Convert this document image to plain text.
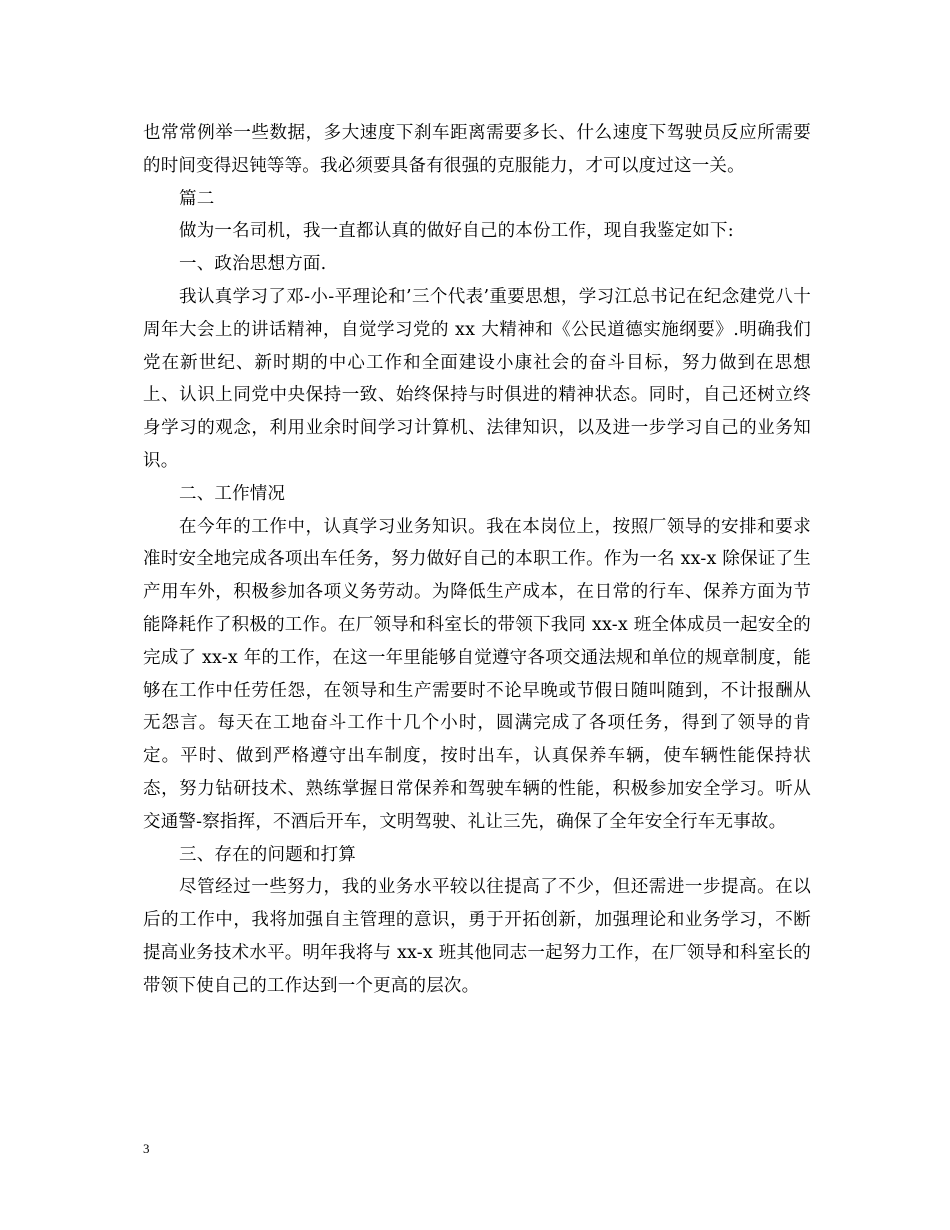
也常常例举一些数据，多大速度下刹车距离需要多长、什么速度下驾驶员反应所需要的时间变得迟钝等等。我必须要具备有很强的克服能力，才可以度过这一关。

篇二

做为一名司机，我一直都认真的做好自己的本份工作，现自我鉴定如下:

一、政治思想方面.

我认真学习了邓-小-平理论和’三个代表’重要思想，学习江总书记在纪念建党八十周年大会上的讲话精神，自觉学习党的 xx 大精神和《公民道德实施纲要》.明确我们党在新世纪、新时期的中心工作和全面建设小康社会的奋斗目标，努力做到在思想上、认识上同党中央保持一致、始终保持与时俱进的精神状态。同时，自己还树立终身学习的观念，利用业余时间学习计算机、法律知识，以及进一步学习自己的业务知识。

二、工作情况

在今年的工作中，认真学习业务知识。我在本岗位上，按照厂领导的安排和要求准时安全地完成各项出车任务，努力做好自己的本职工作。作为一名 xx-x 除保证了生产用车外，积极参加各项义务劳动。为降低生产成本，在日常的行车、保养方面为节能降耗作了积极的工作。在厂领导和科室长的带领下我同 xx-x 班全体成员一起安全的完成了 xx-x 年的工作，在这一年里能够自觉遵守各项交通法规和单位的规章制度，能够在工作中任劳任怨，在领导和生产需要时不论早晚或节假日随叫随到，不计报酬从无怨言。每天在工地奋斗工作十几个小时，圆满完成了各项任务，得到了领导的肯定。平时、做到严格遵守出车制度，按时出车，认真保养车辆，使车辆性能保持状态，努力钻研技术、熟练掌握日常保养和驾驶车辆的性能，积极参加安全学习。听从交通警-察指挥，不酒后开车，文明驾驶、礼让三先，确保了全年安全行车无事故。

三、存在的问题和打算

尽管经过一些努力，我的业务水平较以往提高了不少，但还需进一步提高。在以后的工作中，我将加强自主管理的意识，勇于开拓创新，加强理论和业务学习，不断提高业务技术水平。明年我将与 xx-x 班其他同志一起努力工作，在厂领导和科室长的带领下使自己的工作达到一个更高的层次。

3
